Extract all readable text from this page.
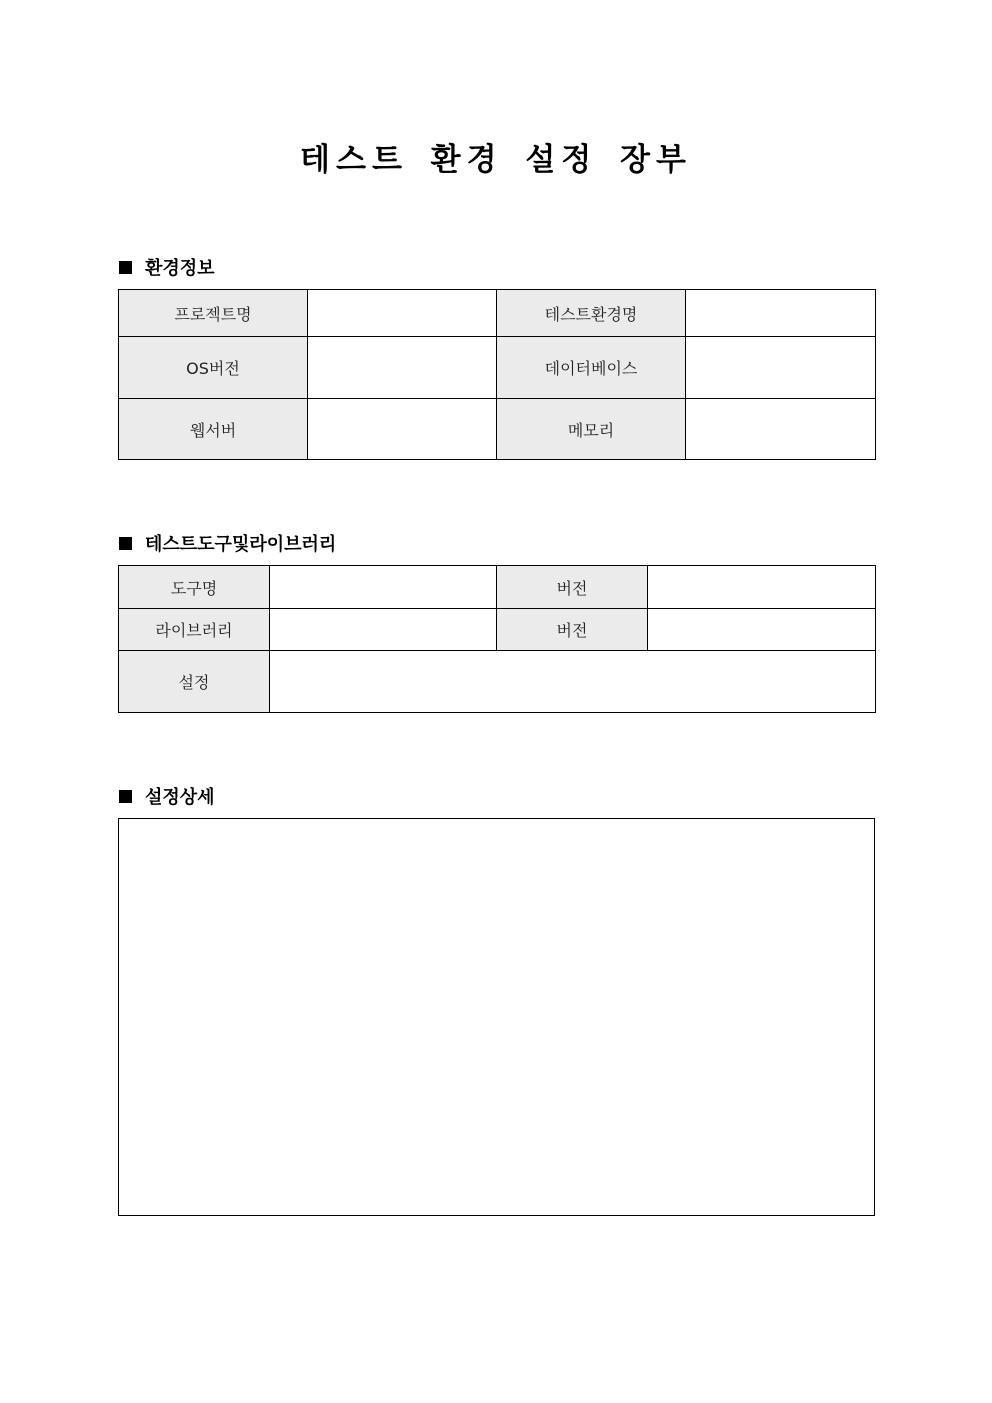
테스트 환경 설정 장부
환경정보
프로젝트명		테스트환경명	
OS버전		데이터베이스	
웹서버		메모리	
테스트도구및라이브러리
도구명		버전	
라이브러리		버전	
설정			
설정상세
